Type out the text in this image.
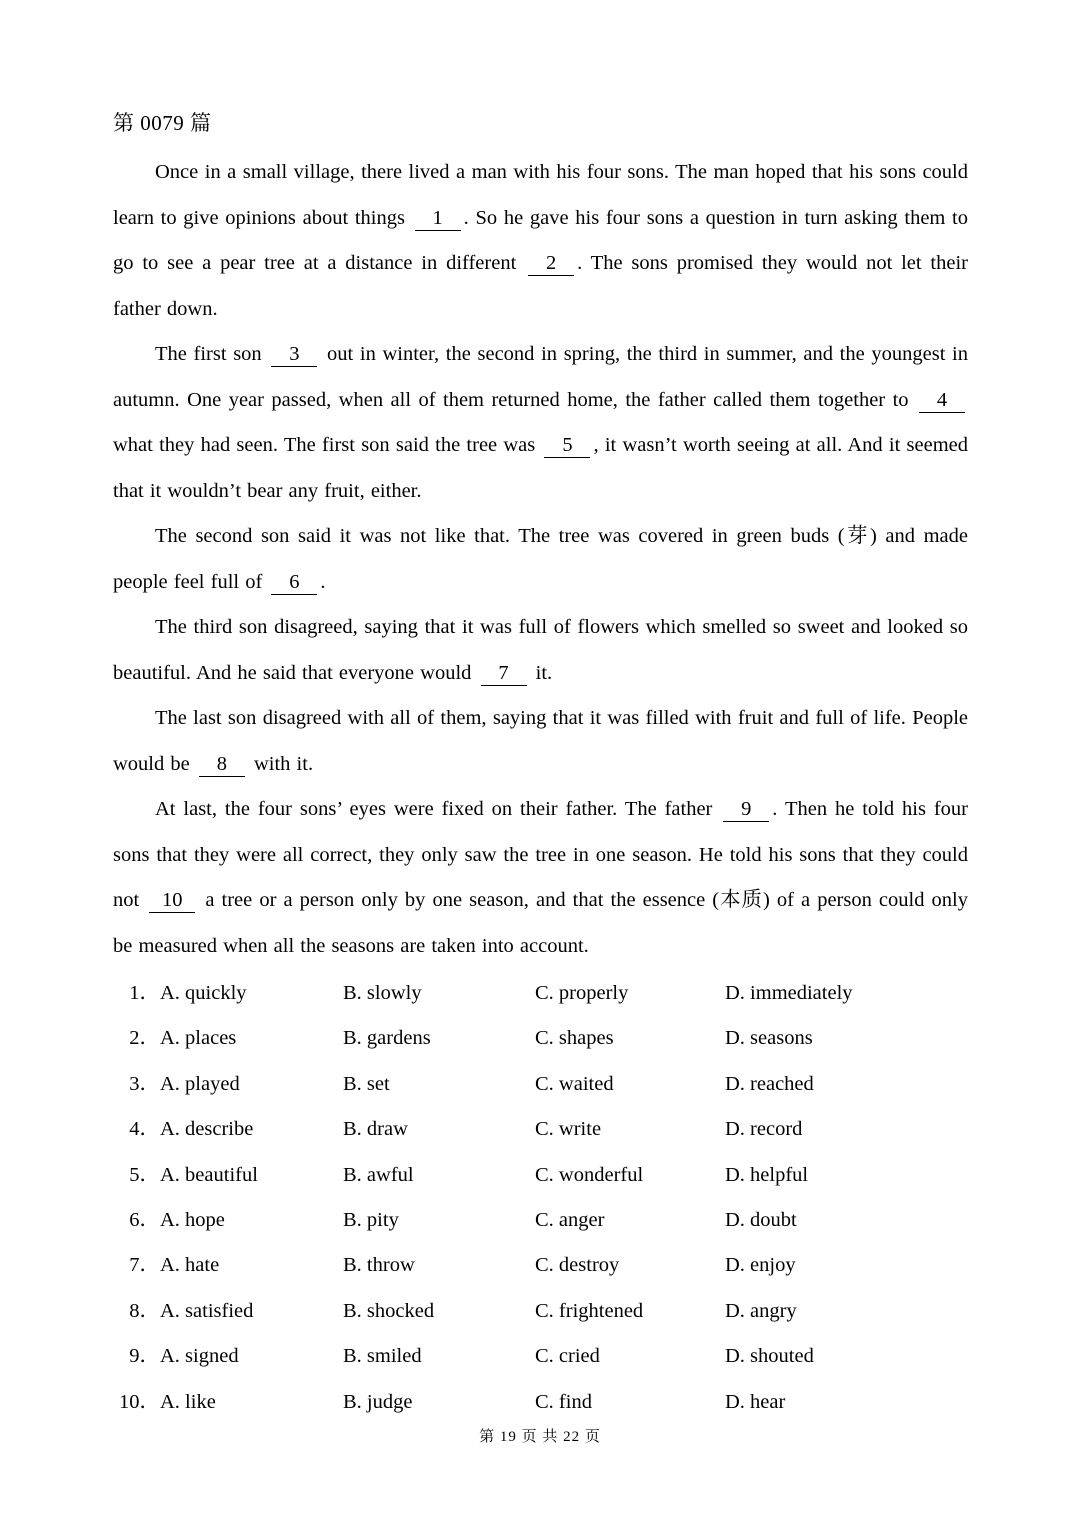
第 0079 篇

Once in a small village, there lived a man with his four sons. The man hoped that his sons could learn to give opinions about things 1 . So he gave his four sons a question in turn asking them to go to see a pear tree at a distance in different 2 . The sons promised they would not let their father down.

The first son 3 out in winter, the second in spring, the third in summer, and the youngest in autumn. One year passed, when all of them returned home, the father called them together to 4 what they had seen. The first son said the tree was 5 , it wasn’t worth seeing at all. And it seemed that it wouldn’t bear any fruit, either.

The second son said it was not like that. The tree was covered in green buds (芽) and made people feel full of 6 .

The third son disagreed, saying that it was full of flowers which smelled so sweet and looked so beautiful. And he said that everyone would 7 it.

The last son disagreed with all of them, saying that it was filled with fruit and full of life. People would be 8 with it.

At last, the four sons’ eyes were fixed on their father. The father 9 . Then he told his four sons that they were all correct, they only saw the tree in one season. He told his sons that they could not 10 a tree or a person only by one season, and that the essence (本质) of a person could only be measured when all the seasons are taken into account.

1． A. quickly	B. slowly	C. properly	D. immediately
2． A. places	B. gardens	C. shapes	D. seasons
3． A. played	B. set	C. waited	D. reached
4． A. describe	B. draw	C. write	D. record
5． A. beautiful	B. awful	C. wonderful	D. helpful
6． A. hope	B. pity	C. anger	D. doubt
7． A. hate	B. throw	C. destroy	D. enjoy
8． A. satisfied	B. shocked	C. frightened	D. angry
9． A. signed	B. smiled	C. cried	D. shouted
10． A. like	B. judge	C. find	D. hear
第 19 页 共 22 页
